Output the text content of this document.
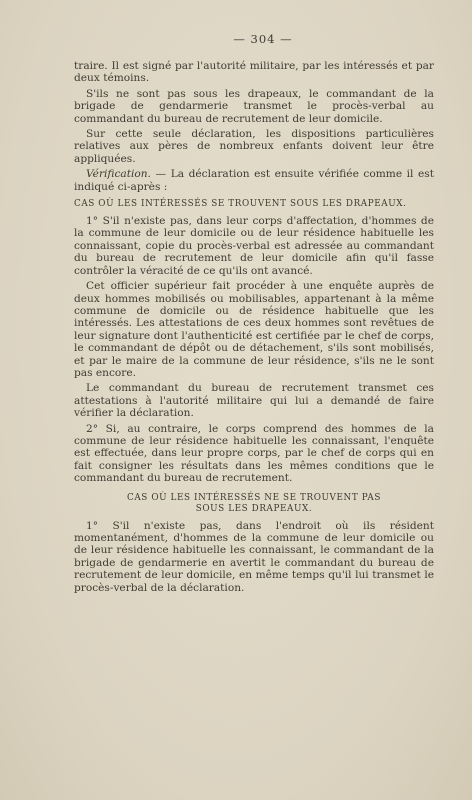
— 304 —

traire. Il est signé par l'autorité militaire, par les intéressés et par deux témoins.

S'ils ne sont pas sous les drapeaux, le commandant de la brigade de gendarmerie transmet le procès-verbal au commandant du bureau de recrutement de leur domicile.

Sur cette seule déclaration, les dispositions particulières relatives aux pères de nombreux enfants doivent leur être appliquées.

Vérification. — La déclaration est ensuite vérifiée comme il est indiqué ci-après :

CAS OÙ LES INTÉRESSÉS SE TROUVENT SOUS LES DRAPEAUX.

1° S'il n'existe pas, dans leur corps d'affectation, d'hommes de la commune de leur domicile ou de leur résidence habituelle les connaissant, copie du procès-verbal est adressée au commandant du bureau de recrutement de leur domicile afin qu'il fasse contrôler la véracité de ce qu'ils ont avancé.

Cet officier supérieur fait procéder à une enquête auprès de deux hommes mobilisés ou mobilisables, appartenant à la même commune de domicile ou de résidence habituelle que les intéressés. Les attestations de ces deux hommes sont revêtues de leur signature dont l'authenticité est certifiée par le chef de corps, le commandant de dépôt ou de détachement, s'ils sont mobilisés, et par le maire de la commune de leur résidence, s'ils ne le sont pas encore.

Le commandant du bureau de recrutement transmet ces attestations à l'autorité militaire qui lui a demandé de faire vérifier la déclaration.

2° Si, au contraire, le corps comprend des hommes de la commune de leur résidence habituelle les connaissant, l'enquête est effectuée, dans leur propre corps, par le chef de corps qui en fait consigner les résultats dans les mêmes conditions que le commandant du bureau de recrutement.

CAS OÙ LES INTÉRESSÉS NE SE TROUVENT PAS
SOUS LES DRAPEAUX.

1° S'il n'existe pas, dans l'endroit où ils résident momentanément, d'hommes de la commune de leur domicile ou de leur résidence habituelle les connaissant, le commandant de la brigade de gendarmerie en avertit le commandant du bureau de recrutement de leur domicile, en même temps qu'il lui transmet le procès-verbal de la déclaration.
